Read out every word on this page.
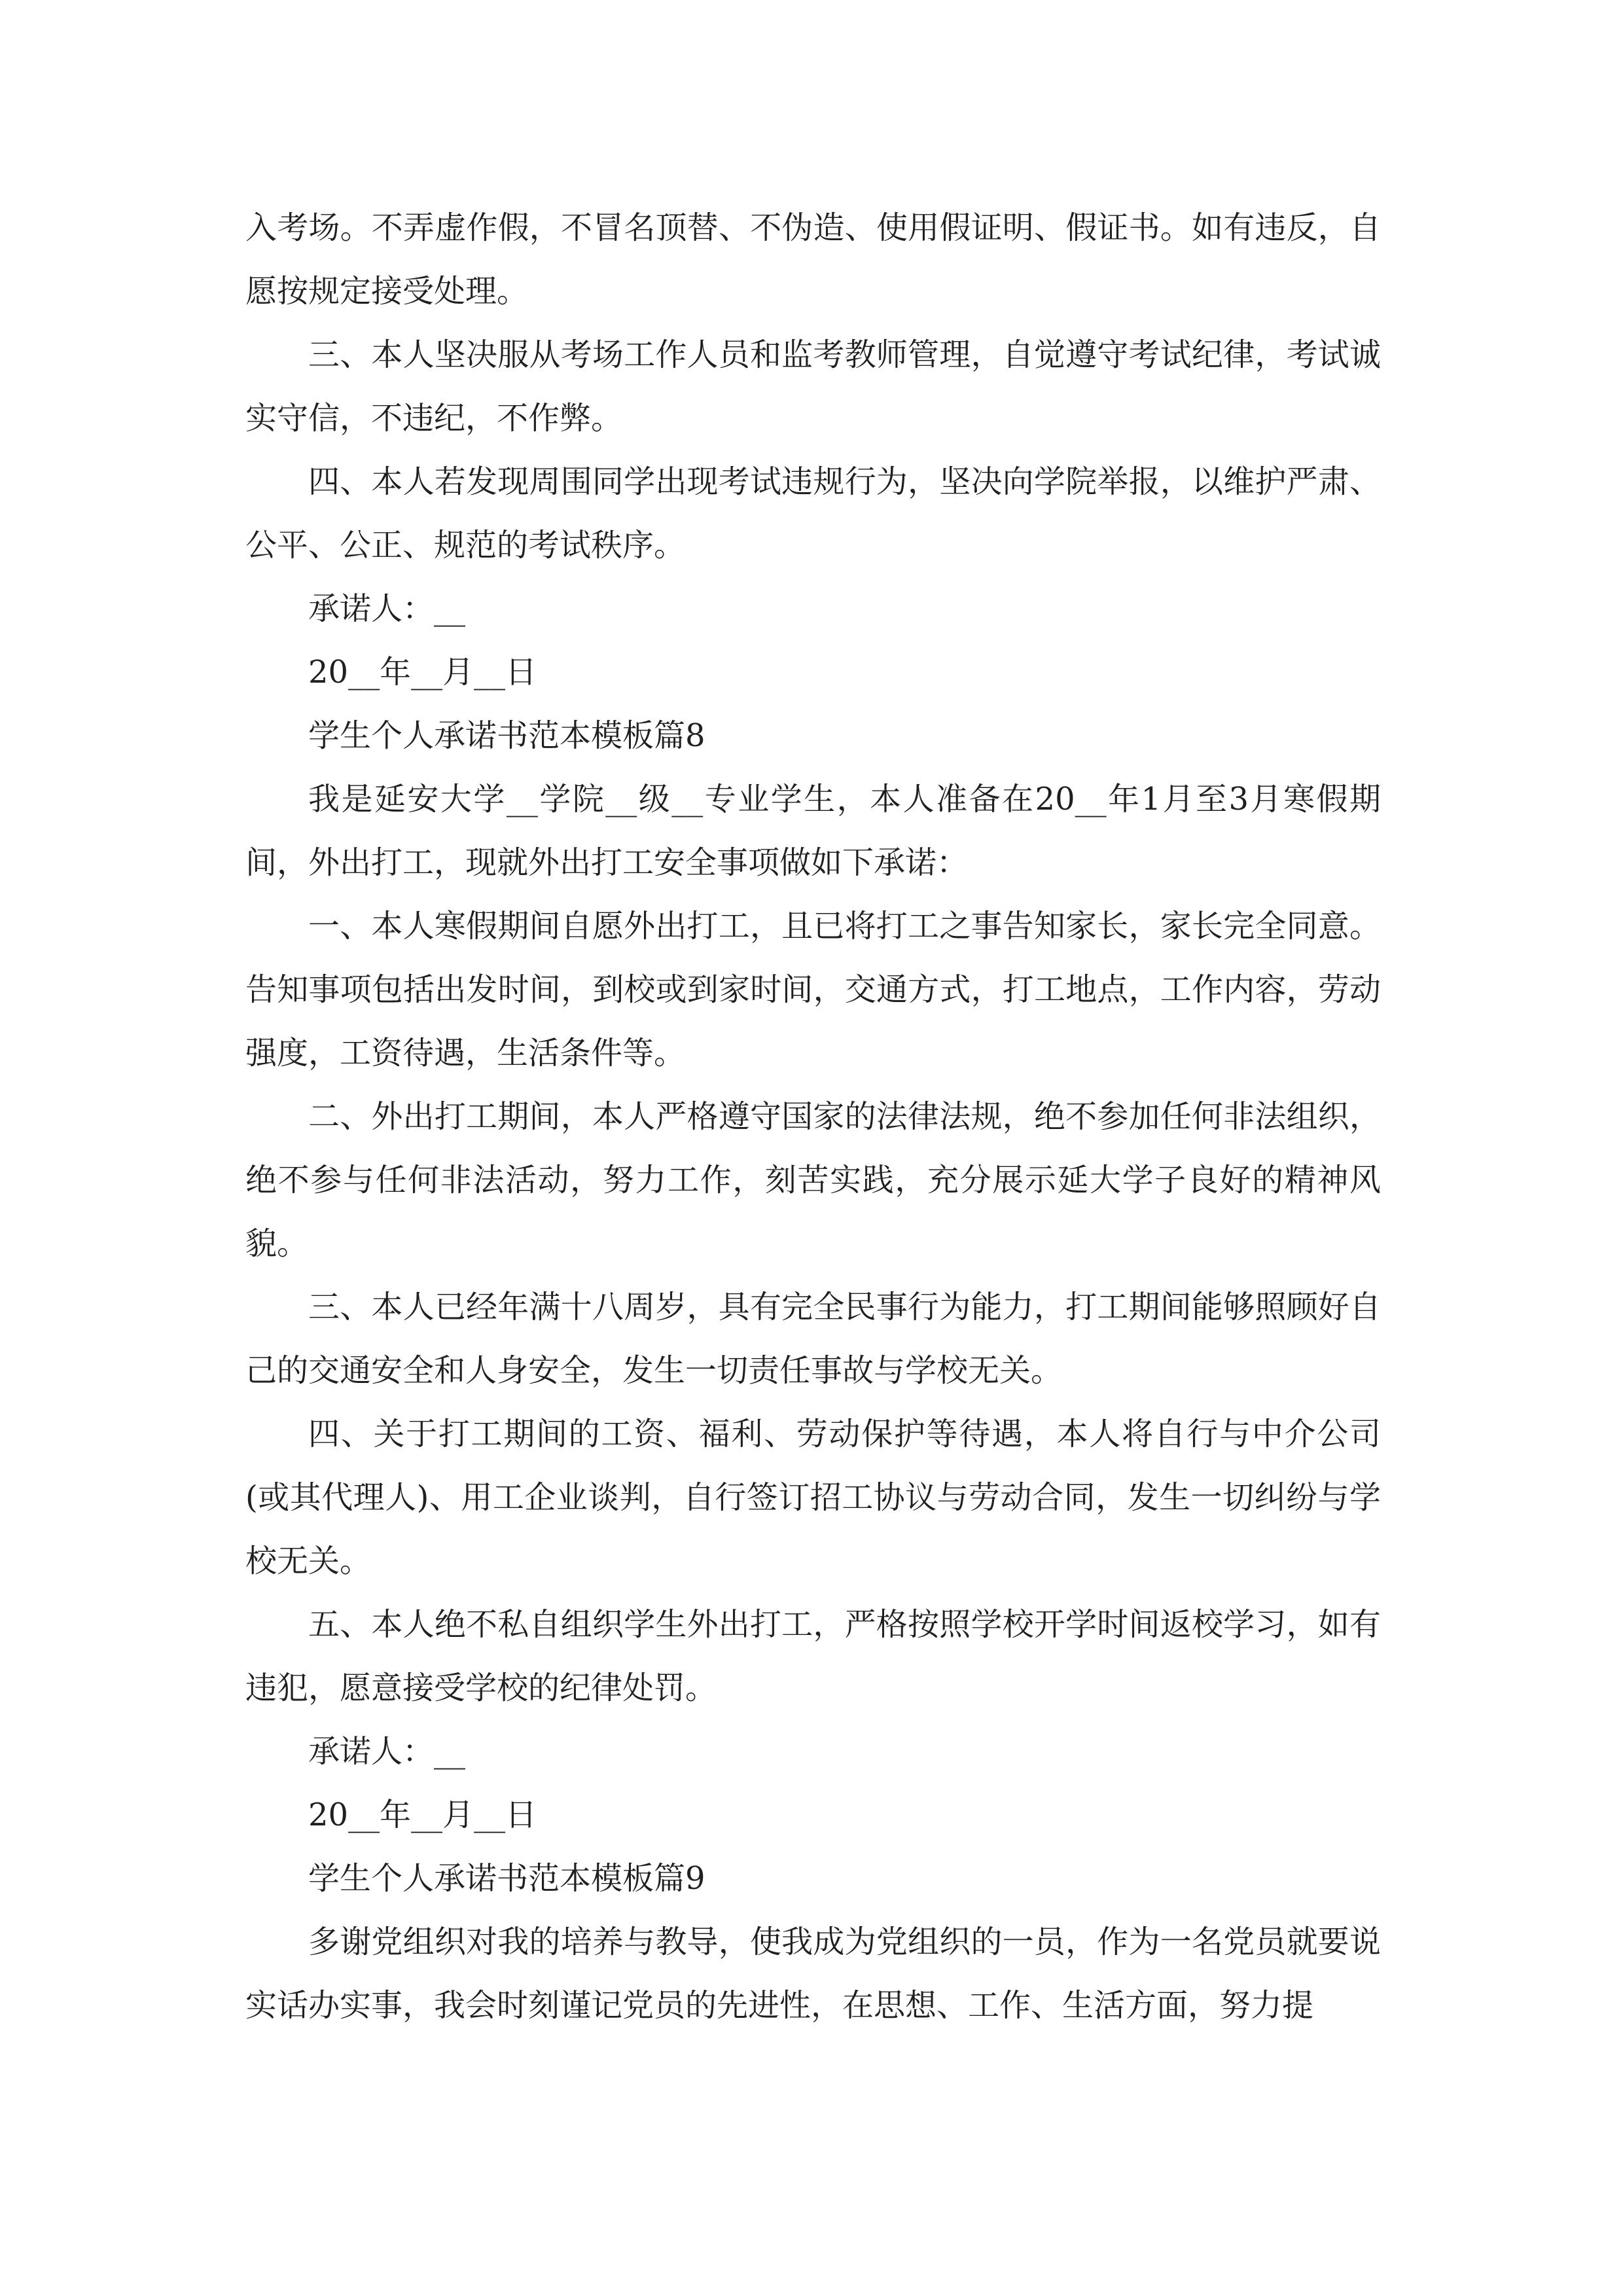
入考场。不弄虚作假，不冒名顶替、不伪造、使用假证明、假证书。如有违反，自愿按规定接受处理。

三、本人坚决服从考场工作人员和监考教师管理，自觉遵守考试纪律，考试诚实守信，不违纪，不作弊。

四、本人若发现周围同学出现考试违规行为，坚决向学院举报，以维护严肃、公平、公正、规范的考试秩序。

承诺人：__

20__年__月__日

学生个人承诺书范本模板篇8

我是延安大学__学院__级__专业学生，本人准备在20__年1月至3月寒假期间，外出打工，现就外出打工安全事项做如下承诺：

一、本人寒假期间自愿外出打工，且已将打工之事告知家长，家长完全同意。告知事项包括出发时间，到校或到家时间，交通方式，打工地点，工作内容，劳动强度，工资待遇，生活条件等。

二、外出打工期间，本人严格遵守国家的法律法规，绝不参加任何非法组织，绝不参与任何非法活动，努力工作，刻苦实践，充分展示延大学子良好的精神风貌。

三、本人已经年满十八周岁，具有完全民事行为能力，打工期间能够照顾好自己的交通安全和人身安全，发生一切责任事故与学校无关。

四、关于打工期间的工资、福利、劳动保护等待遇，本人将自行与中介公司(或其代理人)、用工企业谈判，自行签订招工协议与劳动合同，发生一切纠纷与学校无关。

五、本人绝不私自组织学生外出打工，严格按照学校开学时间返校学习，如有违犯，愿意接受学校的纪律处罚。

承诺人：__

20__年__月__日

学生个人承诺书范本模板篇9

多谢党组织对我的培养与教导，使我成为党组织的一员，作为一名党员就要说实话办实事，我会时刻谨记党员的先进性，在思想、工作、生活方面，努力提
